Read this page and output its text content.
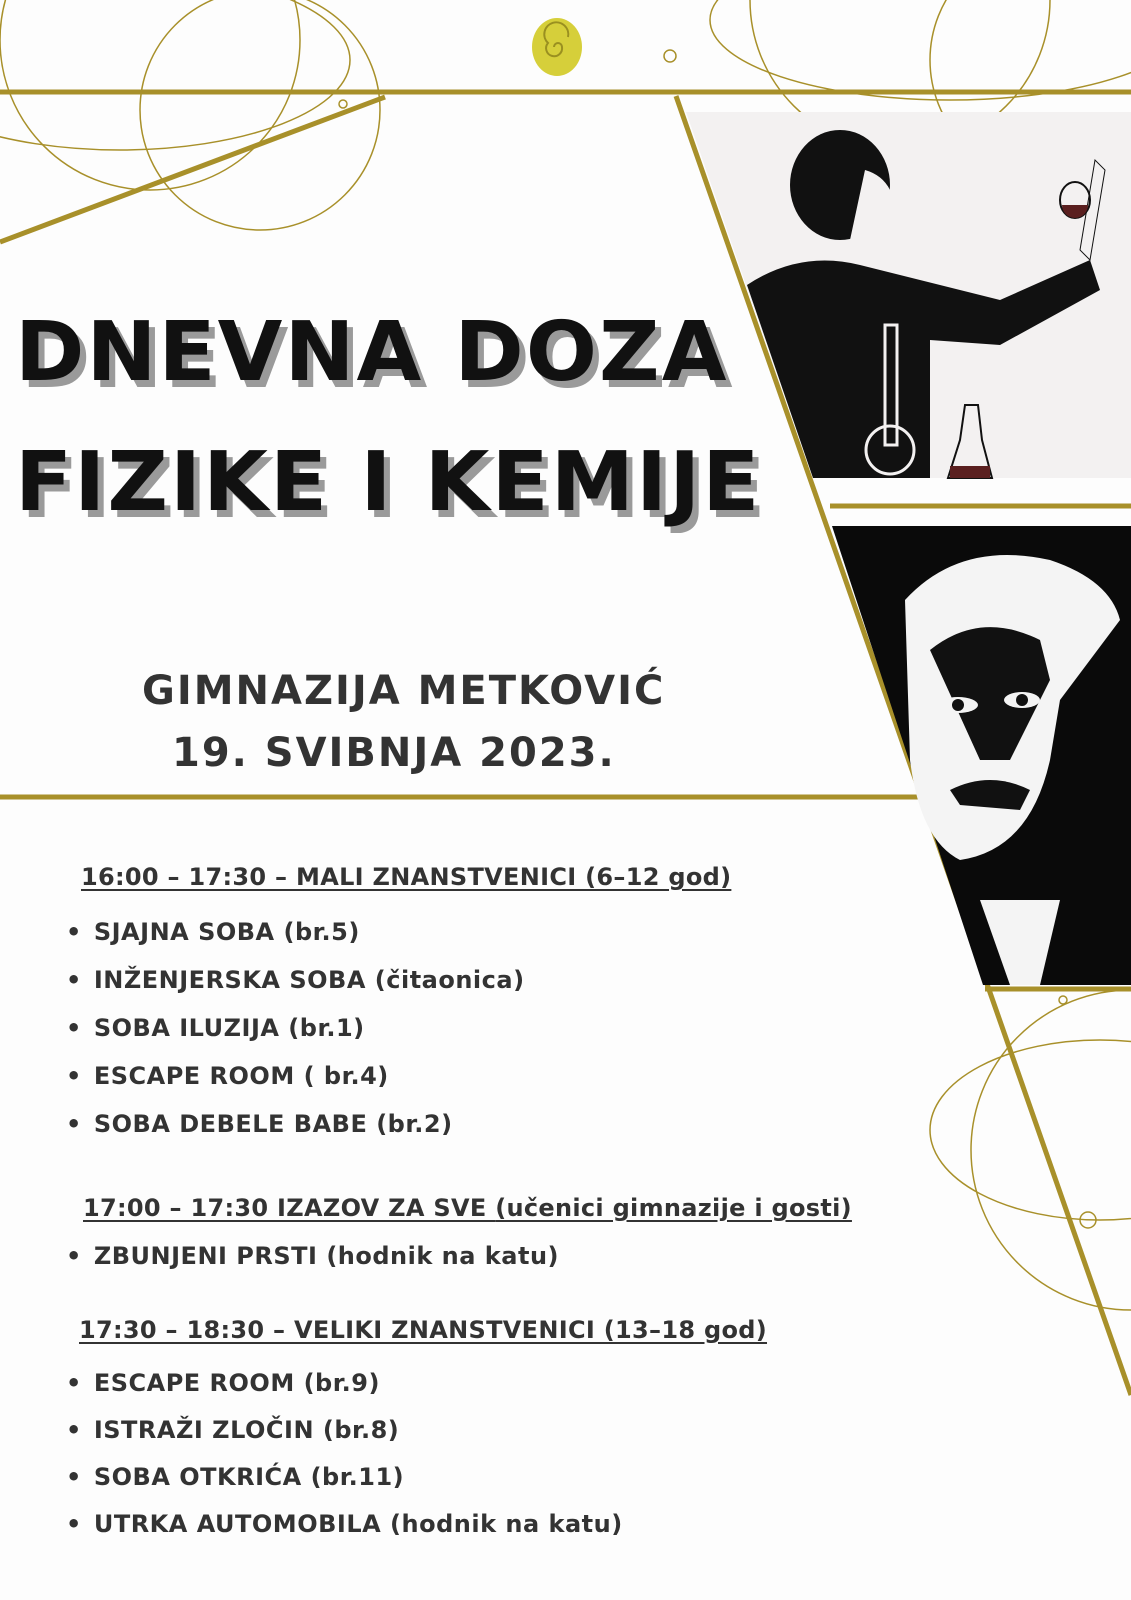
DNEVNA DOZA
FIZIKE I KEMIJE
GIMNAZIJA METKOVIĆ
19. SVIBNJA 2023.
16:00 – 17:30 – MALI ZNANSTVENICI (6–12 god)
• SJAJNA SOBA (br.5)
• INŽENJERSKA SOBA (čitaonica)
• SOBA ILUZIJA (br.1)
• ESCAPE ROOM ( br.4)
• SOBA DEBELE BABE (br.2)
17:00 – 17:30 IZAZOV ZA SVE (učenici gimnazije i gosti)
• ZBUNJENI PRSTI (hodnik na katu)
17:30 – 18:30 – VELIKI ZNANSTVENICI (13–18 god)
• ESCAPE ROOM (br.9)
• ISTRAŽI ZLOČIN (br.8)
• SOBA OTKRIĆA (br.11)
• UTRKA AUTOMOBILA (hodnik na katu)
